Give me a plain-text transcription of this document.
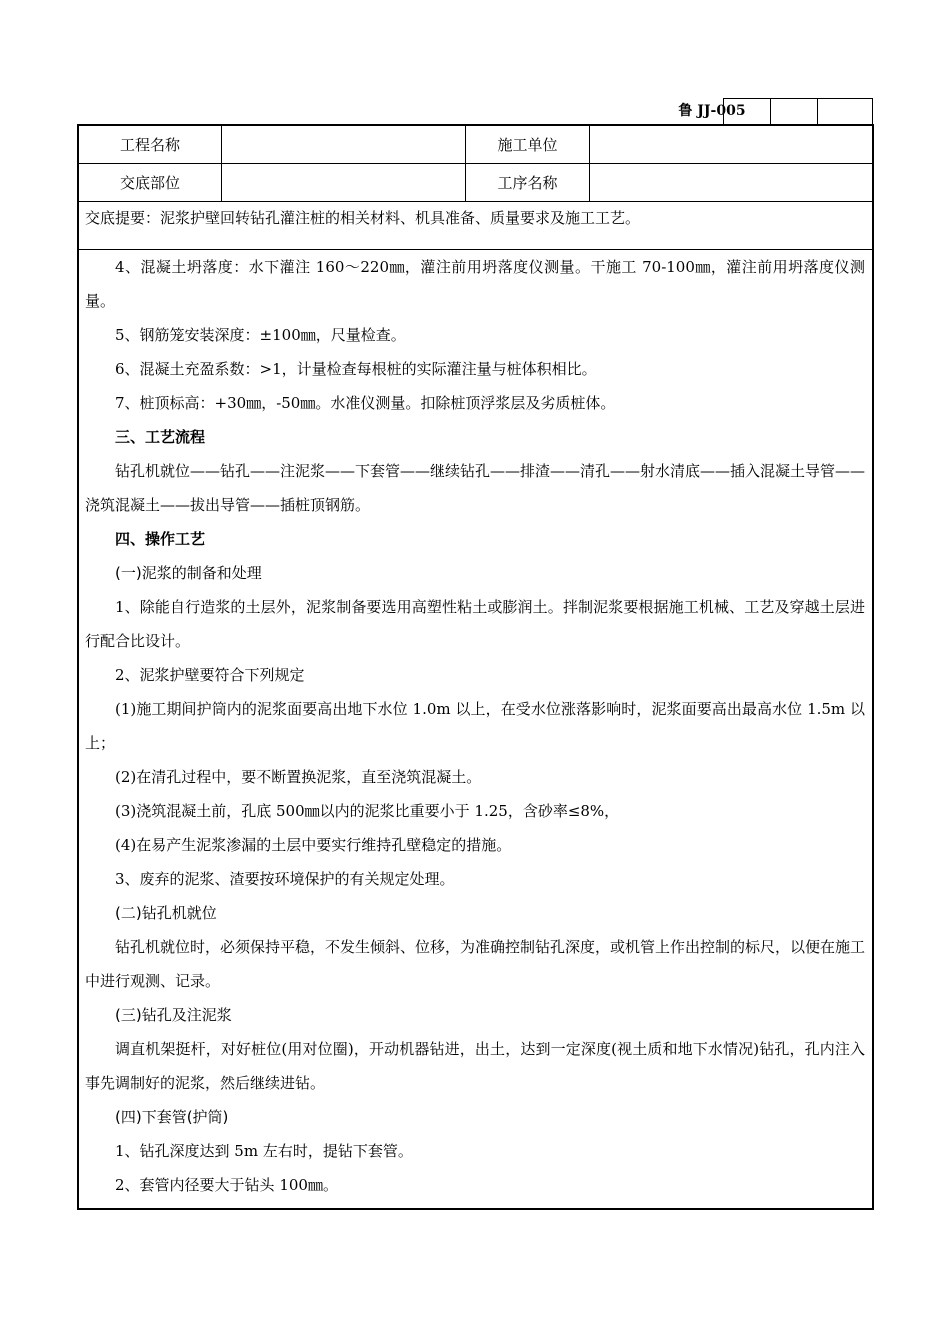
鲁 JJ-005
工程名称	施工单位
交底部位	工序名称
交底提要：泥浆护壁回转钻孔灌注桩的相关材料、机具准备、质量要求及施工工艺。

4、混凝土坍落度：水下灌注 160～220㎜，灌注前用坍落度仪测量。干施工 70-100㎜，灌注前用坍落度仪测量。

5、钢筋笼安装深度：±100㎜，尺量检查。

6、混凝土充盈系数：>1，计量检查每根桩的实际灌注量与桩体积相比。

7、桩顶标高：+30㎜，-50㎜。水准仪测量。扣除桩顶浮浆层及劣质桩体。

三、工艺流程

钻孔机就位——钻孔——注泥浆——下套管——继续钻孔——排渣——清孔——射水清底——插入混凝土导管——浇筑混凝土——拔出导管——插桩顶钢筋。

四、操作工艺

(一)泥浆的制备和处理

1、除能自行造浆的土层外，泥浆制备要选用高塑性粘土或膨润土。拌制泥浆要根据施工机械、工艺及穿越土层进行配合比设计。

2、泥浆护壁要符合下列规定

(1)施工期间护筒内的泥浆面要高出地下水位 1.0m 以上，在受水位涨落影响时，泥浆面要高出最高水位 1.5m 以上；

(2)在清孔过程中，要不断置换泥浆，直至浇筑混凝土。

(3)浇筑混凝土前，孔底 500㎜以内的泥浆比重要小于 1.25，含砂率≤8%，

(4)在易产生泥浆渗漏的土层中要实行维持孔壁稳定的措施。

3、废弃的泥浆、渣要按环境保护的有关规定处理。

(二)钻孔机就位

钻孔机就位时，必须保持平稳，不发生倾斜、位移，为准确控制钻孔深度，或机管上作出控制的标尺，以便在施工中进行观测、记录。

(三)钻孔及注泥浆

调直机架挺杆，对好桩位(用对位圈)，开动机器钻进，出土，达到一定深度(视土质和地下水情况)钻孔，孔内注入事先调制好的泥浆，然后继续进钻。

(四)下套管(护筒)

1、钻孔深度达到 5m 左右时，提钻下套管。

2、套管内径要大于钻头 100㎜。
